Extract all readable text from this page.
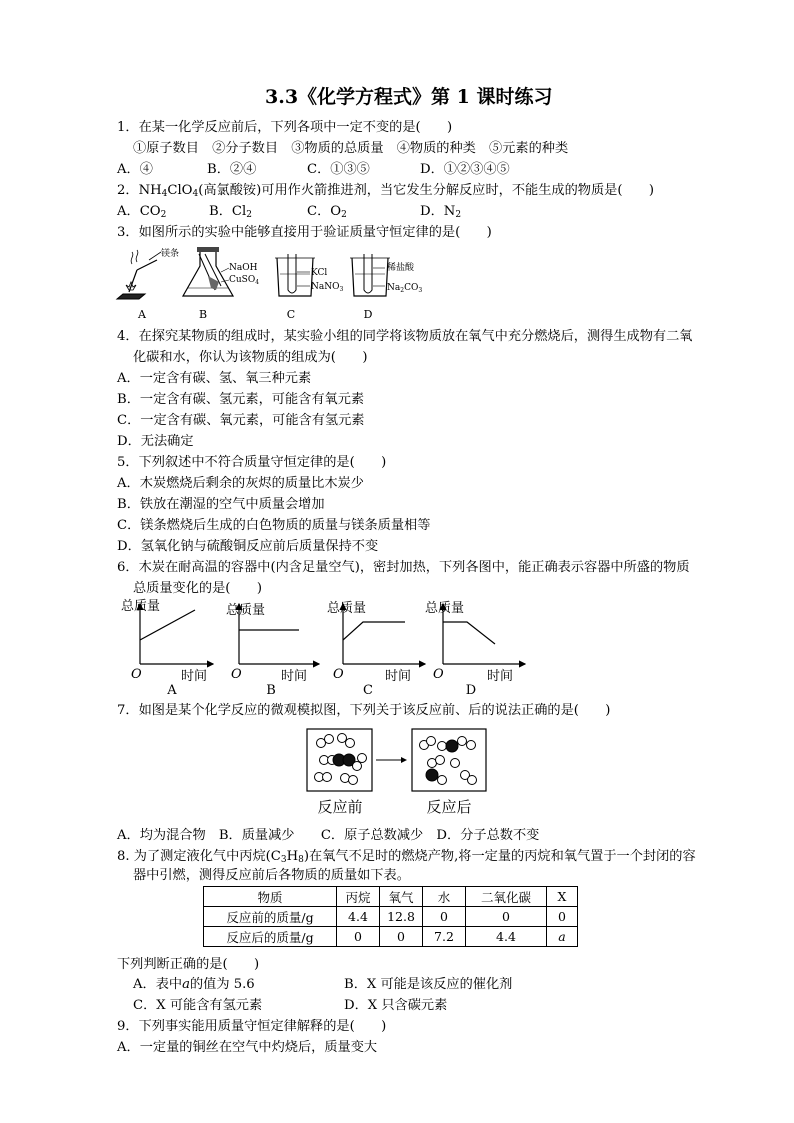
3.3《化学方程式》第 1 课时练习
1．在某一化学反应前后，下列各项中一定不变的是(　　)
①原子数目　②分子数目　③物质的总质量　④物质的种类　⑤元素的种类
A．④	B．②④	C．①③⑤	D．①②③④⑤
2．$NH_4ClO_4$(高氯酸铵)可用作火箭推进剂，当它发生分解反应时，不能生成的物质是(　　)
A．$CO_2$	B．$Cl_2$	C．$O_2$	D．$N_2$
3．如图所示的实验中能够直接用于验证质量守恒定律的是(　　)
镁条
NaOH
CuSO$_4$
KCl
NaNO$_3$
稀盐酸
$Na_2CO_3$
A	B	C	D
4．在探究某物质的组成时，某实验小组的同学将该物质放在氧气中充分燃烧后，测得生成物有二氧
化碳和水，你认为该物质的组成为(　　)
A．一定含有碳、氢、氧三种元素
B．一定含有碳、氢元素，可能含有氧元素
C．一定含有碳、氧元素，可能含有氢元素
D．无法确定
5．下列叙述中不符合质量守恒定律的是(　　)
A．木炭燃烧后剩余的灰烬的质量比木炭少
B．铁放在潮湿的空气中质量会增加
C．镁条燃烧后生成的白色物质的质量与镁条质量相等
D．氢氧化钠与硫酸铜反应前后质量保持不变
6．木炭在耐高温的容器中(内含足量空气)，密封加热，下列各图中，能正确表示容器中所盛的物质
总质量变化的是(　　)
总质量
O	时间
A
总质量
O	时间
B
总质量
O	时间
C
总质量
O	时间
D
7．如图是某个化学反应的微观模拟图，下列关于该反应前、后的说法正确的是(　　)
反应前	反应后
A．均为混合物　B．质量减少　　C．原子总数减少　D．分子总数不变
8. 为了测定液化气中丙烷$(C_3H_8)$在氧气不足时的燃烧产物,将一定量的丙烷和氧气置于一个封闭的容
器中引燃，测得反应前后各物质的质量如下表。
物质	丙烷	氧气	水	二氧化碳	X
反应前的质量/g	4.4	12.8	0	0	0
反应后的质量/g	0	0	7.2	4.4	a
下列判断正确的是(　　)
A．表中a的值为 5.6	B．X 可能是该反应的催化剂
C．X 可能含有氢元素	D．X 只含碳元素
9．下列事实能用质量守恒定律解释的是(　　)
A．一定量的铜丝在空气中灼烧后，质量变大
